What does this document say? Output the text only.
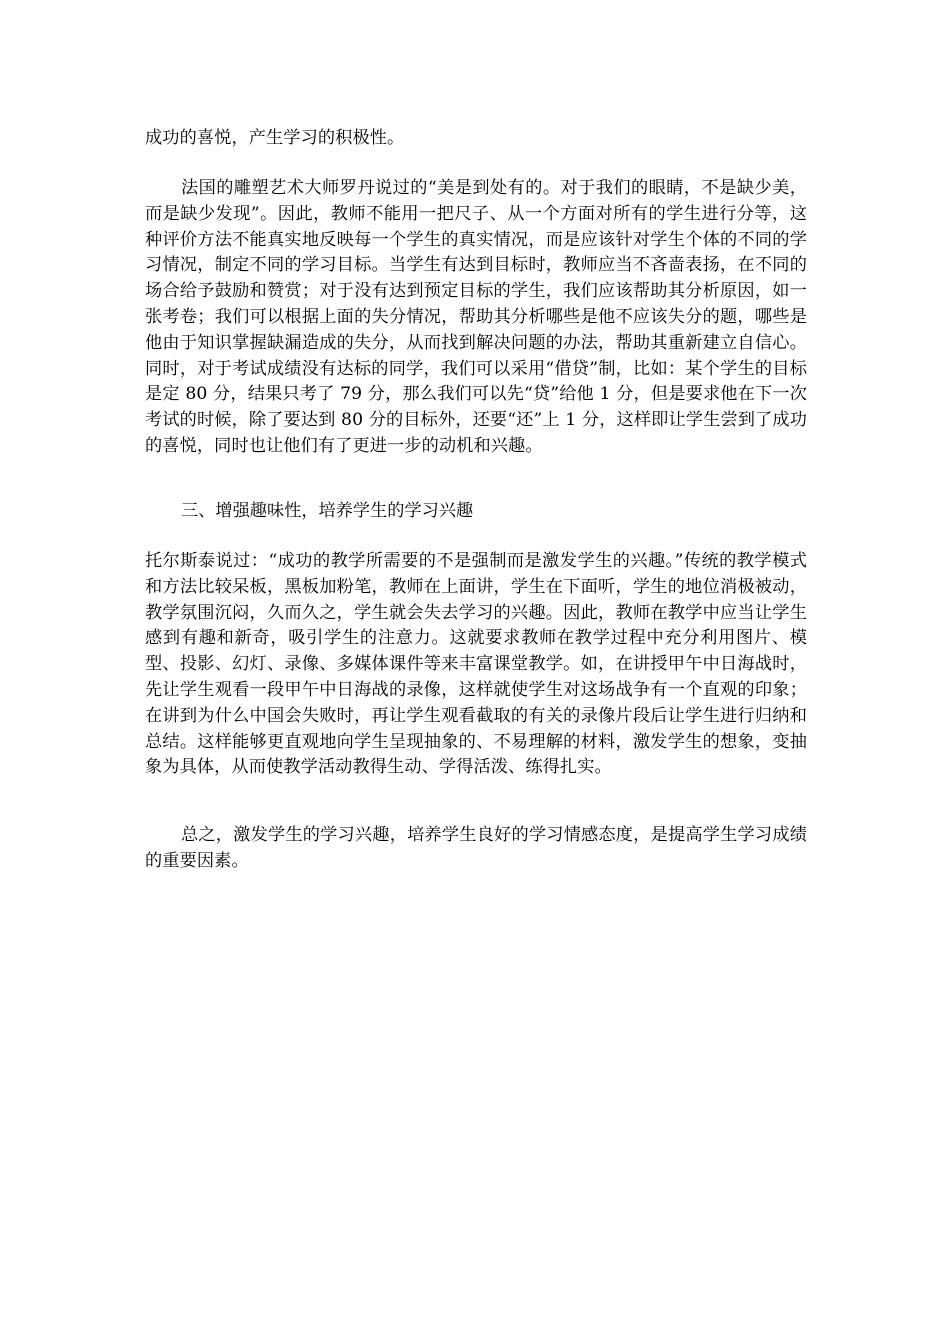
成功的喜悦，产生学习的积极性。

法国的雕塑艺术大师罗丹说过的“美是到处有的。对于我们的眼睛，不是缺少美，而是缺少发现”。因此，教师不能用一把尺子、从一个方面对所有的学生进行分等，这种评价方法不能真实地反映每一个学生的真实情况，而是应该针对学生个体的不同的学习情况，制定不同的学习目标。当学生有达到目标时，教师应当不吝啬表扬，在不同的场合给予鼓励和赞赏；对于没有达到预定目标的学生，我们应该帮助其分析原因，如一张考卷；我们可以根据上面的失分情况，帮助其分析哪些是他不应该失分的题，哪些是他由于知识掌握缺漏造成的失分，从而找到解决问题的办法，帮助其重新建立自信心。同时，对于考试成绩没有达标的同学，我们可以采用“借贷”制，比如：某个学生的目标是定 80 分，结果只考了 79 分，那么我们可以先“贷”给他 1 分，但是要求他在下一次考试的时候，除了要达到 80 分的目标外，还要“还”上 1 分，这样即让学生尝到了成功的喜悦，同时也让他们有了更进一步的动机和兴趣。

三、增强趣味性，培养学生的学习兴趣

托尔斯泰说过：“成功的教学所需要的不是强制而是激发学生的兴趣。”传统的教学模式和方法比较呆板，黑板加粉笔，教师在上面讲，学生在下面听，学生的地位消极被动，教学氛围沉闷，久而久之，学生就会失去学习的兴趣。因此，教师在教学中应当让学生感到有趣和新奇，吸引学生的注意力。这就要求教师在教学过程中充分利用图片、模型、投影、幻灯、录像、多媒体课件等来丰富课堂教学。如，在讲授甲午中日海战时，先让学生观看一段甲午中日海战的录像，这样就使学生对这场战争有一个直观的印象；在讲到为什么中国会失败时，再让学生观看截取的有关的录像片段后让学生进行归纳和总结。这样能够更直观地向学生呈现抽象的、不易理解的材料，激发学生的想象，变抽象为具体，从而使教学活动教得生动、学得活泼、练得扎实。

总之，激发学生的学习兴趣，培养学生良好的学习情感态度，是提高学生学习成绩的重要因素。
